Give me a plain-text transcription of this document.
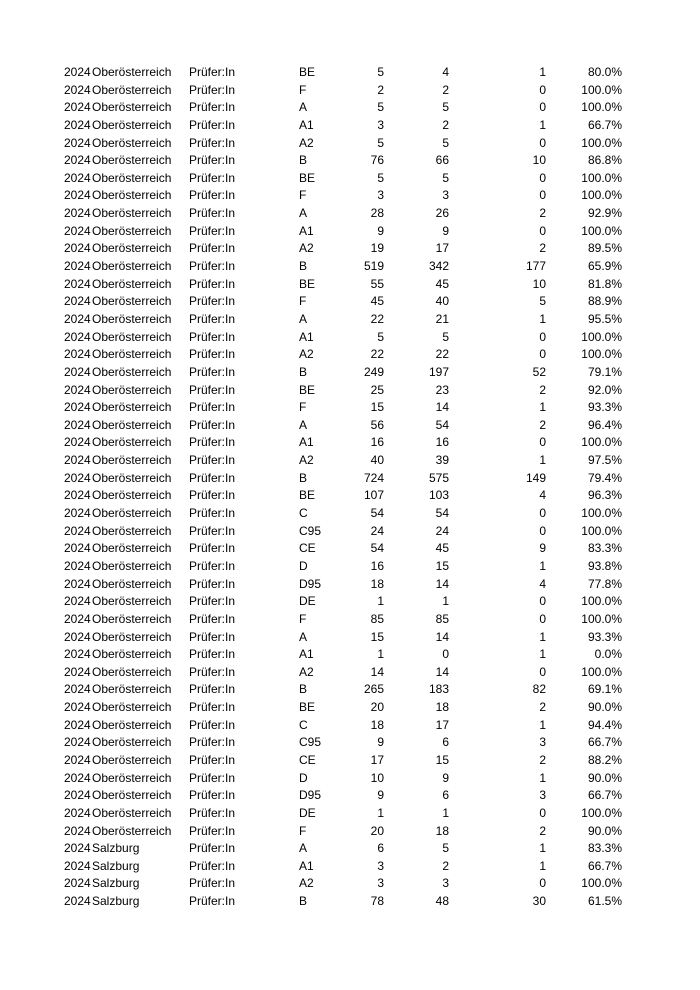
2024 Oberösterreich Prüfer:In	BE	5	4	1	80.0%
2024 Oberösterreich Prüfer:In	F	2	2	0	100.0%
2024 Oberösterreich Prüfer:In	A	5	5	0	100.0%
2024 Oberösterreich Prüfer:In	A1	3	2	1	66.7%
2024 Oberösterreich Prüfer:In	A2	5	5	0	100.0%
2024 Oberösterreich Prüfer:In	B	76	66	10	86.8%
2024 Oberösterreich Prüfer:In	BE	5	5	0	100.0%
2024 Oberösterreich Prüfer:In	F	3	3	0	100.0%
2024 Oberösterreich Prüfer:In	A	28	26	2	92.9%
2024 Oberösterreich Prüfer:In	A1	9	9	0	100.0%
2024 Oberösterreich Prüfer:In	A2	19	17	2	89.5%
2024 Oberösterreich Prüfer:In	B	519	342	177	65.9%
2024 Oberösterreich Prüfer:In	BE	55	45	10	81.8%
2024 Oberösterreich Prüfer:In	F	45	40	5	88.9%
2024 Oberösterreich Prüfer:In	A	22	21	1	95.5%
2024 Oberösterreich Prüfer:In	A1	5	5	0	100.0%
2024 Oberösterreich Prüfer:In	A2	22	22	0	100.0%
2024 Oberösterreich Prüfer:In	B	249	197	52	79.1%
2024 Oberösterreich Prüfer:In	BE	25	23	2	92.0%
2024 Oberösterreich Prüfer:In	F	15	14	1	93.3%
2024 Oberösterreich Prüfer:In	A	56	54	2	96.4%
2024 Oberösterreich Prüfer:In	A1	16	16	0	100.0%
2024 Oberösterreich Prüfer:In	A2	40	39	1	97.5%
2024 Oberösterreich Prüfer:In	B	724	575	149	79.4%
2024 Oberösterreich Prüfer:In	BE	107	103	4	96.3%
2024 Oberösterreich Prüfer:In	C	54	54	0	100.0%
2024 Oberösterreich Prüfer:In	C95	24	24	0	100.0%
2024 Oberösterreich Prüfer:In	CE	54	45	9	83.3%
2024 Oberösterreich Prüfer:In	D	16	15	1	93.8%
2024 Oberösterreich Prüfer:In	D95	18	14	4	77.8%
2024 Oberösterreich Prüfer:In	DE	1	1	0	100.0%
2024 Oberösterreich Prüfer:In	F	85	85	0	100.0%
2024 Oberösterreich Prüfer:In	A	15	14	1	93.3%
2024 Oberösterreich Prüfer:In	A1	1	0	1	0.0%
2024 Oberösterreich Prüfer:In	A2	14	14	0	100.0%
2024 Oberösterreich Prüfer:In	B	265	183	82	69.1%
2024 Oberösterreich Prüfer:In	BE	20	18	2	90.0%
2024 Oberösterreich Prüfer:In	C	18	17	1	94.4%
2024 Oberösterreich Prüfer:In	C95	9	6	3	66.7%
2024 Oberösterreich Prüfer:In	CE	17	15	2	88.2%
2024 Oberösterreich Prüfer:In	D	10	9	1	90.0%
2024 Oberösterreich Prüfer:In	D95	9	6	3	66.7%
2024 Oberösterreich Prüfer:In	DE	1	1	0	100.0%
2024 Oberösterreich Prüfer:In	F	20	18	2	90.0%
2024 Salzburg	Prüfer:In	A	6	5	1	83.3%
2024 Salzburg	Prüfer:In	A1	3	2	1	66.7%
2024 Salzburg	Prüfer:In	A2	3	3	0	100.0%
2024 Salzburg	Prüfer:In	B	78	48	30	61.5%
